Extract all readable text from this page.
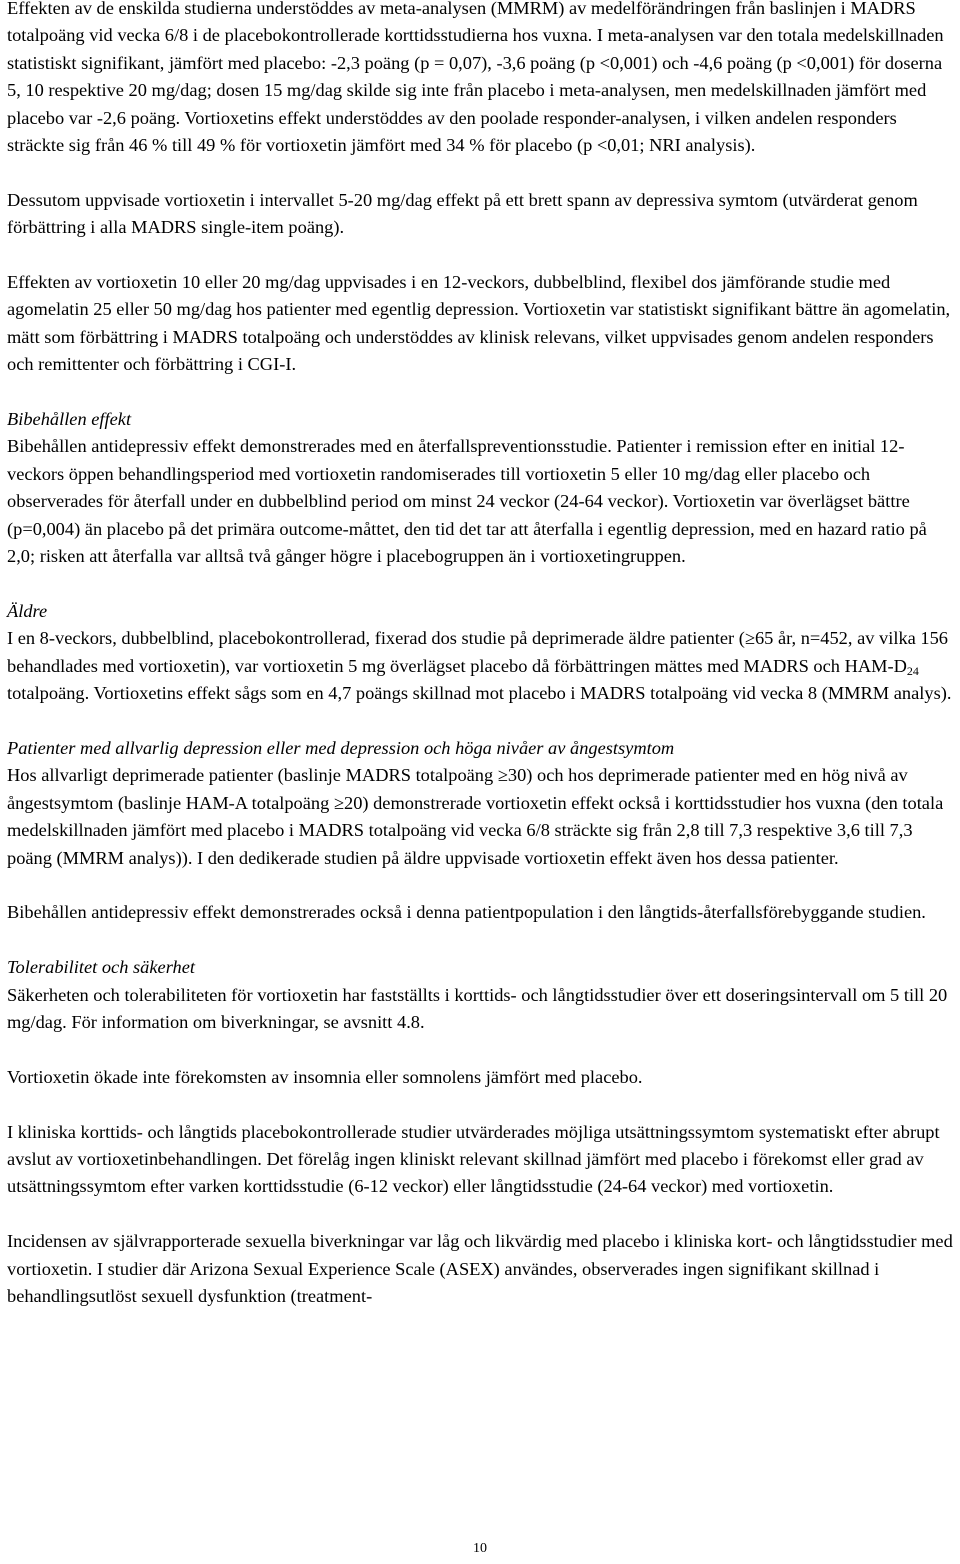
Effekten av de enskilda studierna understöddes av meta-analysen (MMRM) av medelförändringen från baslinjen i MADRS totalpoäng vid vecka 6/8 i de placebokontrollerade korttidsstudierna hos vuxna. I meta-analysen var den totala medelskillnaden statistiskt signifikant, jämfört med placebo: -2,3 poäng (p = 0,07), -3,6 poäng (p <0,001) och -4,6 poäng (p <0,001) för doserna 5, 10 respektive 20 mg/dag; dosen 15 mg/dag skilde sig inte från placebo i meta-analysen, men medelskillnaden jämfört med placebo var -2,6 poäng. Vortioxetins effekt understöddes av den poolade responder-analysen, i vilken andelen responders sträckte sig från 46 % till 49 % för vortioxetin jämfört med 34 % för placebo (p <0,01; NRI analysis).

Dessutom uppvisade vortioxetin i intervallet 5-20 mg/dag effekt på ett brett spann av depressiva symtom (utvärderat genom förbättring i alla MADRS single-item poäng).

Effekten av vortioxetin 10 eller 20 mg/dag uppvisades i en 12-veckors, dubbelblind, flexibel dos jämförande studie med agomelatin 25 eller 50 mg/dag hos patienter med egentlig depression. Vortioxetin var statistiskt signifikant bättre än agomelatin, mätt som förbättring i MADRS totalpoäng och understöddes av klinisk relevans, vilket uppvisades genom andelen responders och remittenter och förbättring i CGI-I.

Bibehållen effekt

Bibehållen antidepressiv effekt demonstrerades med en återfallspreventionsstudie. Patienter i remission efter en initial 12-veckors öppen behandlingsperiod med vortioxetin randomiserades till vortioxetin 5 eller 10 mg/dag eller placebo och observerades för återfall under en dubbelblind period om minst 24 veckor (24-64 veckor). Vortioxetin var överlägset bättre (p=0,004) än placebo på det primära outcome-måttet, den tid det tar att återfalla i egentlig depression, med en hazard ratio på 2,0; risken att återfalla var alltså två gånger högre i placebogruppen än i vortioxetingruppen.

Äldre

I en 8-veckors, dubbelblind, placebokontrollerad, fixerad dos studie på deprimerade äldre patienter (≥65 år, n=452, av vilka 156 behandlades med vortioxetin), var vortioxetin 5 mg överlägset placebo då förbättringen mättes med MADRS och HAM-$D_{24}$ totalpoäng. Vortioxetins effekt sågs som en 4,7 poängs skillnad mot placebo i MADRS totalpoäng vid vecka 8 (MMRM analys).

Patienter med allvarlig depression eller med depression och höga nivåer av ångestsymtom

Hos allvarligt deprimerade patienter (baslinje MADRS totalpoäng ≥30) och hos deprimerade patienter med en hög nivå av ångestsymtom (baslinje HAM-A totalpoäng ≥20) demonstrerade vortioxetin effekt också i korttidsstudier hos vuxna (den totala medelskillnaden jämfört med placebo i MADRS totalpoäng vid vecka 6/8 sträckte sig från 2,8 till 7,3 respektive 3,6 till 7,3 poäng (MMRM analys)). I den dedikerade studien på äldre uppvisade vortioxetin effekt även hos dessa patienter.

Bibehållen antidepressiv effekt demonstrerades också i denna patientpopulation i den långtids-återfallsförebyggande studien.

Tolerabilitet och säkerhet

Säkerheten och tolerabiliteten för vortioxetin har fastställts i korttids- och långtidsstudier över ett doseringsintervall om 5 till 20 mg/dag. För information om biverkningar, se avsnitt 4.8.

Vortioxetin ökade inte förekomsten av insomnia eller somnolens jämfört med placebo.

I kliniska korttids- och långtids placebokontrollerade studier utvärderades möjliga utsättningssymtom systematiskt efter abrupt avslut av vortioxetinbehandlingen. Det förelåg ingen kliniskt relevant skillnad jämfört med placebo i förekomst eller grad av utsättningssymtom efter varken korttidsstudie (6-12 veckor) eller långtidsstudie (24-64 veckor) med vortioxetin.

Incidensen av självrapporterade sexuella biverkningar var låg och likvärdig med placebo i kliniska kort- och långtidsstudier med vortioxetin. I studier där Arizona Sexual Experience Scale (ASEX) användes, observerades ingen signifikant skillnad i behandlingsutlöst sexuell dysfunktion (treatment-

10
